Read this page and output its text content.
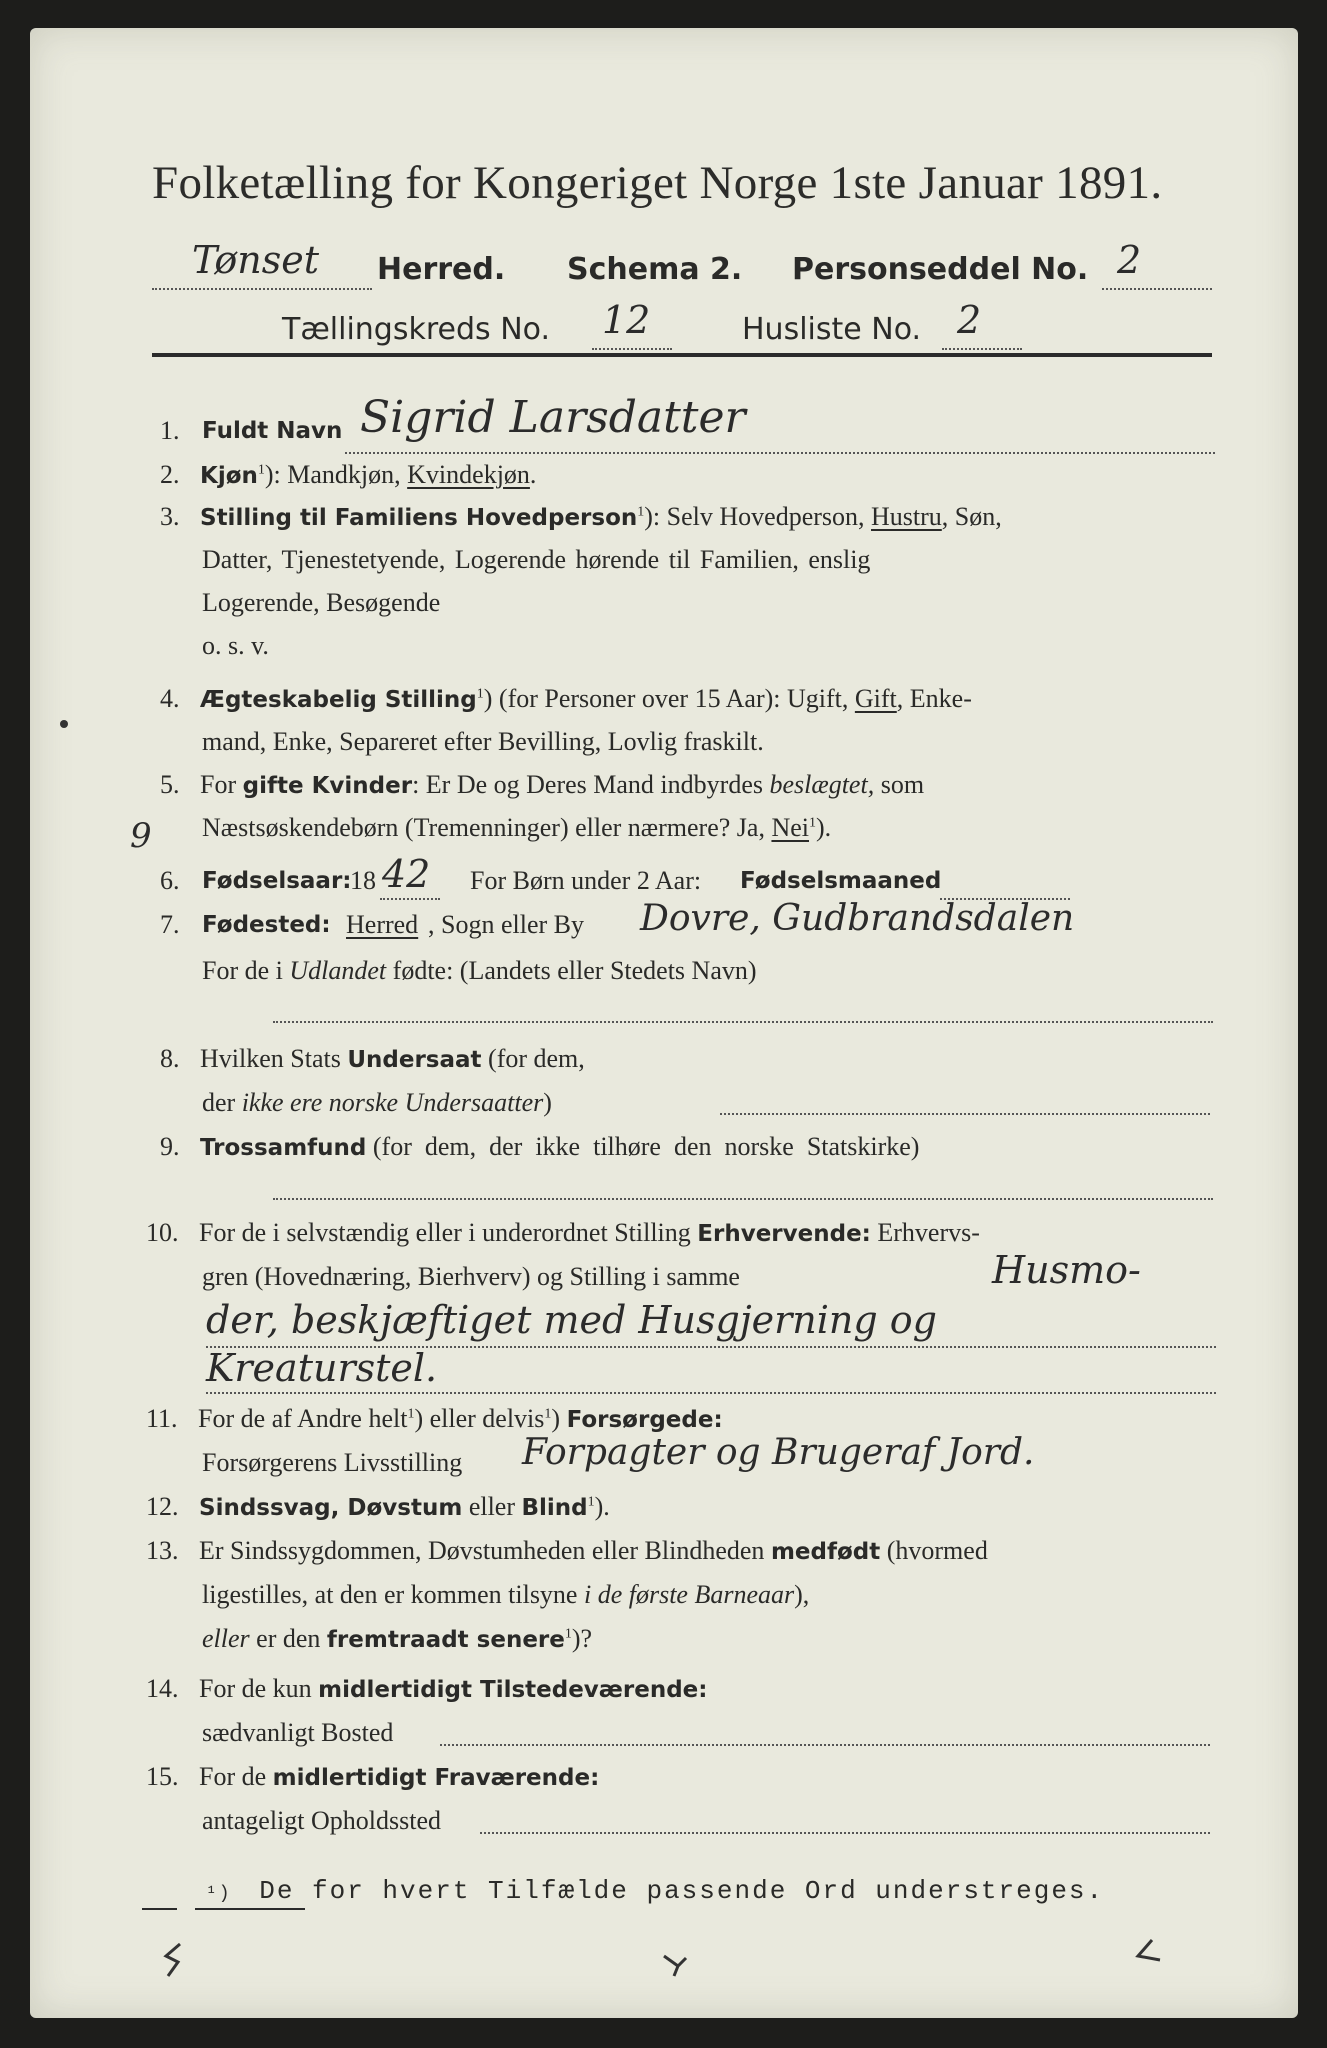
Folketælling for Kongeriget Norge 1ste Januar 1891.
Tønset Herred. Schema 2. Personseddel No. 2
Tællingskreds No. 12	Husliste No. 2
1. Fuldt Navn Sigrid Larsdatter
2. Kjøn$^1$): Mandkjøn, Kvindekjøn.
3. Stilling til Familiens Hovedperson$^1$): Selv Hovedperson, Hustru, Søn,
Datter, Tjenestetyende, Logerende hørende til Familien, enslig
Logerende, Besøgende
o. s. v.
4. Ægteskabelig Stilling$^1$) (for Personer over 15 Aar): Ugift, Gift, Enke-
mand, Enke, Separeret efter Bevilling, Lovlig fraskilt.
5. For gifte Kvinder: Er De og Deres Mand indbyrdes beslægtet, som
Næstsøskendebørn (Tremenninger) eller nærmere? Ja, Nei$^1$).
9
6. Fødselsaar:
18 42 For Børn under 2 Aar: Fødselsmaaned
7. Fødested: Herred , Sogn eller By Dovre, Gudbrandsdalen
For de i Udlandet fødte: (Landets eller Stedets Navn)
8. Hvilken Stats Undersaat (for dem,
der ikke ere norske Undersaatter)
9. Trossamfund (for  dem,  der  ikke  tilhøre  den  norske  Statskirke)
10. For de i selvstændig eller i underordnet Stilling Erhvervende: Erhvervs-
gren (Hovednæring, Bierhverv) og Stilling i samme	Husmo-
der, beskjæftiget med Husgjerning og
Kreaturstel.
11. For de af Andre helt$^1$) eller delvis$^1$) Forsørgede:
Forsørgerens Livsstilling Forpagter og Brugeraf Jord.
12. Sindssvag, Døvstum eller Blind$^1$).
13. Er Sindssygdommen, Døvstumheden eller Blindheden medfødt (hvormed
ligestilles, at den er kommen tilsyne i de første Barneaar),
eller er den fremtraadt senere$^1$)?
14. For de kun midlertidigt Tilstedeværende:
sædvanligt Bosted
15. For de midlertidigt Fraværende:
antageligt Opholdssted
¹) De for hvert Tilfælde passende Ord understreges.
